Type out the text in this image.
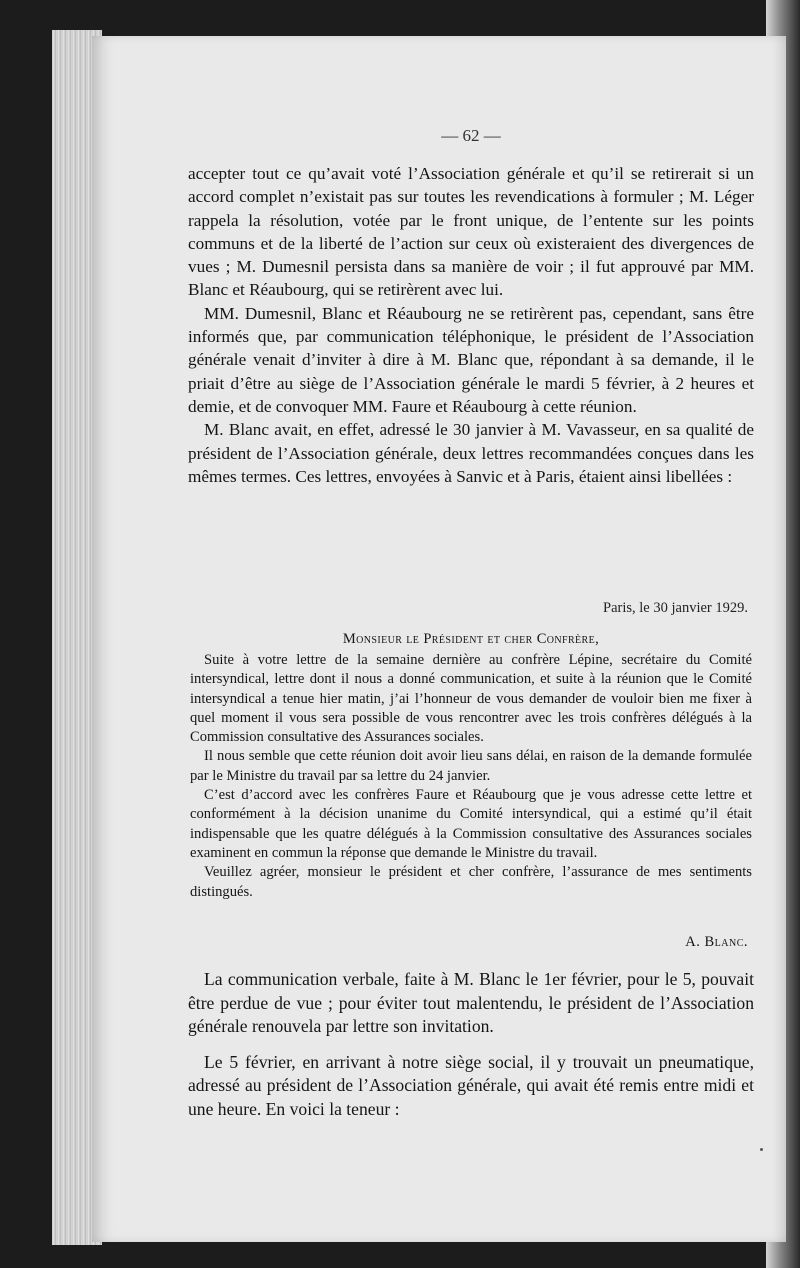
— 62 —

accepter tout ce qu’avait voté l’Association générale et qu’il se retirerait si un accord complet n’existait pas sur toutes les revendications à formuler ; M. Léger rappela la résolution, votée par le front unique, de l’entente sur les points communs et de la liberté de l’action sur ceux où existeraient des divergences de vues ; M. Dumesnil persista dans sa manière de voir ; il fut approuvé par MM. Blanc et Réaubourg, qui se retirèrent avec lui.

MM. Dumesnil, Blanc et Réaubourg ne se retirèrent pas, cependant, sans être informés que, par communication téléphonique, le président de l’Association générale venait d’inviter à dire à M. Blanc que, répondant à sa demande, il le priait d’être au siège de l’Association générale le mardi 5 février, à 2 heures et demie, et de convoquer MM. Faure et Réaubourg à cette réunion.

M. Blanc avait, en effet, adressé le 30 janvier à M. Vavasseur, en sa qualité de président de l’Association générale, deux lettres recommandées conçues dans les mêmes termes. Ces lettres, envoyées à Sanvic et à Paris, étaient ainsi libellées :

Paris, le 30 janvier 1929.
Monsieur le Président et cher Confrère,

Suite à votre lettre de la semaine dernière au confrère Lépine, secrétaire du Comité intersyndical, lettre dont il nous a donné communication, et suite à la réunion que le Comité intersyndical a tenue hier matin, j’ai l’honneur de vous demander de vouloir bien me fixer à quel moment il vous sera possible de vous rencontrer avec les trois confrères délégués à la Commission consultative des Assurances sociales.

Il nous semble que cette réunion doit avoir lieu sans délai, en raison de la demande formulée par le Ministre du travail par sa lettre du 24 janvier.

C’est d’accord avec les confrères Faure et Réaubourg que je vous adresse cette lettre et conformément à la décision unanime du Comité intersyndical, qui a estimé qu’il était indispensable que les quatre délégués à la Commission consultative des Assurances sociales examinent en commun la réponse que demande le Ministre du travail.

Veuillez agréer, monsieur le président et cher confrère, l’assurance de mes sentiments distingués.

A. Blanc.

La communication verbale, faite à M. Blanc le 1er février, pour le 5, pouvait être perdue de vue ; pour éviter tout malentendu, le président de l’Association générale renouvela par lettre son invitation.

Le 5 février, en arrivant à notre siège social, il y trouvait un pneumatique, adressé au président de l’Association générale, qui avait été remis entre midi et une heure. En voici la teneur :
